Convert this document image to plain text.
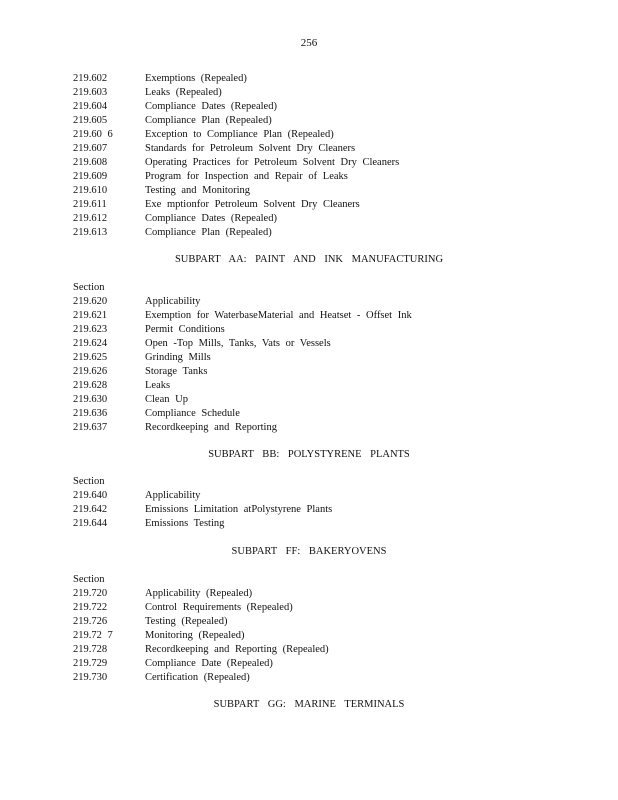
256
219.602	Exemptions (Repealed)
219.603	Leaks (Repealed)
219.604	Compliance Dates (Repealed)
219.605	Compliance Plan (Repealed)
219.60 6	Exception to Compliance Plan (Repealed)
219.607	Standards for Petroleum Solvent Dry Cleaners
219.608	Operating Practices for Petroleum Solvent Dry Cleaners
219.609	Program for Inspection and Repair of Leaks
219.610	Testing and Monitoring
219.611	Exe mptionfor Petroleum Solvent Dry Cleaners
219.612	Compliance Dates (Repealed)
219.613	Compliance Plan (Repealed)
SUBPART AA: PAINT AND INK MANUFACTURING
Section
219.620	Applicability
219.621	Exemption for WaterbaseMaterial and Heatset - Offset Ink
219.623	Permit Conditions
219.624	Open -Top Mills, Tanks, Vats or Vessels
219.625	Grinding Mills
219.626	Storage Tanks
219.628	Leaks
219.630	Clean Up
219.636	Compliance Schedule
219.637	Recordkeeping and Reporting
SUBPART BB: POLYSTYRENE PLANTS
Section
219.640	Applicability
219.642	Emissions Limitation atPolystyrene Plants
219.644	Emissions Testing
SUBPART FF: BAKERYOVENS
Section
219.720	Applicability (Repealed)
219.722	Control Requirements (Repealed)
219.726	Testing (Repealed)
219.72 7	Monitoring (Repealed)
219.728	Recordkeeping and Reporting (Repealed)
219.729	Compliance Date (Repealed)
219.730	Certification (Repealed)
SUBPART GG: MARINE TERMINALS
